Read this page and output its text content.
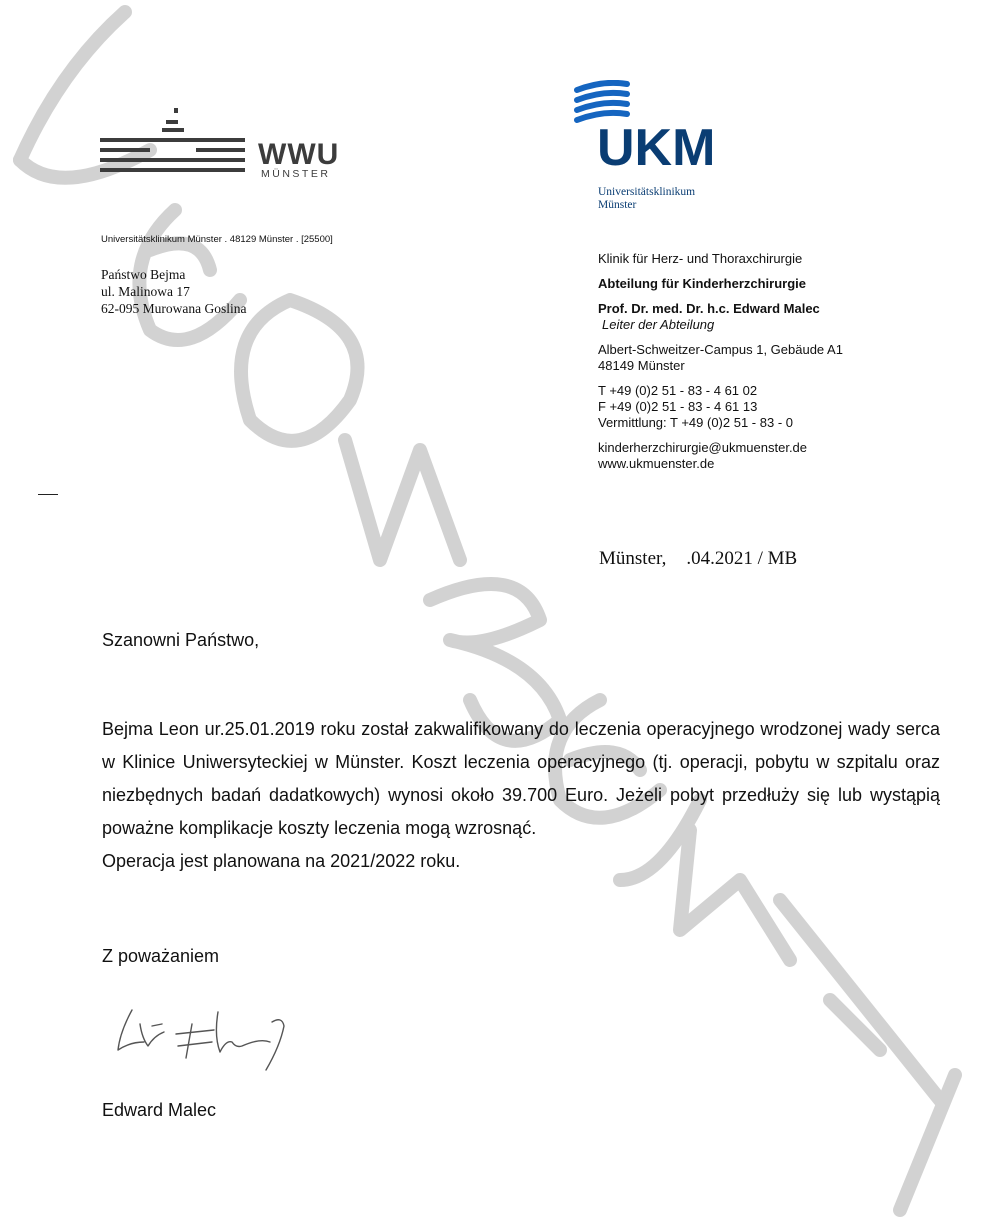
WWU
MÜNSTER	UKM
Universitätsklinikum
Münster
Universitätsklinikum Münster . 48129 Münster . [25500]
Państwo Bejma
ul. Malinowa 17
62-095 Murowana Goslina
Klinik für Herz- und Thoraxchirurgie
Abteilung für Kinderherzchirurgie
Prof. Dr. med. Dr. h.c. Edward Malec
Leiter der Abteilung
Albert-Schweitzer-Campus 1, Gebäude A1
48149 Münster
T +49 (0)2 51 - 83 - 4 61 02
F +49 (0)2 51 - 83 - 4 61 13
Vermittlung: T +49 (0)2 51 - 83 - 0
kinderherzchirurgie@ukmuenster.de
www.ukmuenster.de
Münster, .04.2021 / MB
Szanowni Państwo,
Bejma Leon ur.25.01.2019 roku został zakwalifikowany do leczenia operacyjnego wrodzonej wady serca w Klinice Uniwersyteckiej w Münster. Koszt leczenia operacyjnego (tj. operacji, pobytu w szpitalu oraz niezbędnych badań dadatkowych) wynosi około 39.700 Euro. Jeżeli pobyt przedłuży się lub wystąpią poważne komplikacje koszty leczenia mogą wzrosnąć.
Operacja jest planowana na 2021/2022 roku.
Z poważaniem
Edward Malec
